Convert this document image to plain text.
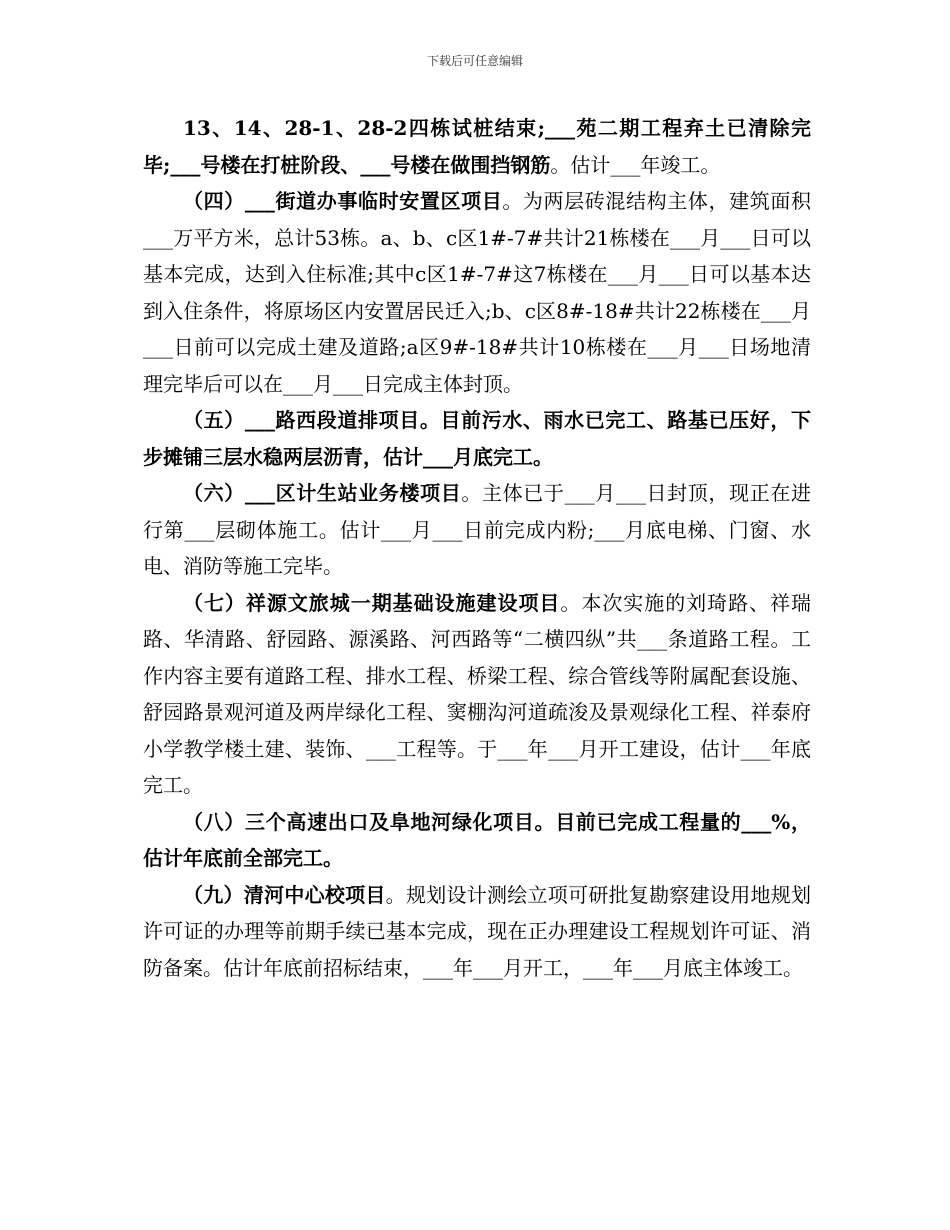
下载后可任意编辑

13、14、28-1、28-2四栋试桩结束;___苑二期工程弃土已清除完毕;___号楼在打桩阶段、___号楼在做围挡钢筋。估计___年竣工。

（四）___街道办事临时安置区项目。为两层砖混结构主体，建筑面积___万平方米，总计53栋。a、b、c区1#-7#共计21栋楼在___月___日可以基本完成，达到入住标准;其中c区1#-7#这7栋楼在___月___日可以基本达到入住条件，将原场区内安置居民迁入;b、c区8#-18#共计22栋楼在___月___日前可以完成土建及道路;a区9#-18#共计10栋楼在___月___日场地清理完毕后可以在___月___日完成主体封顶。

（五）___路西段道排项目。目前污水、雨水已完工、路基已压好，下步摊铺三层水稳两层沥青，估计___月底完工。

（六）___区计生站业务楼项目。主体已于___月___日封顶，现正在进行第___层砌体施工。估计___月___日前完成内粉;___月底电梯、门窗、水电、消防等施工完毕。

（七）祥源文旅城一期基础设施建设项目。本次实施的刘琦路、祥瑞路、华清路、舒园路、源溪路、河西路等“二横四纵”共___条道路工程。工作内容主要有道路工程、排水工程、桥梁工程、综合管线等附属配套设施、舒园路景观河道及两岸绿化工程、窦棚沟河道疏浚及景观绿化工程、祥泰府小学教学楼土建、装饰、___工程等。于___年___月开工建设，估计___年底完工。

（八）三个高速出口及阜地河绿化项目。目前已完成工程量的___%，估计年底前全部完工。

（九）清河中心校项目。规划设计测绘立项可研批复勘察建设用地规划许可证的办理等前期手续已基本完成，现在正办理建设工程规划许可证、消防备案。估计年底前招标结束，___年___月开工，___年___月底主体竣工。
